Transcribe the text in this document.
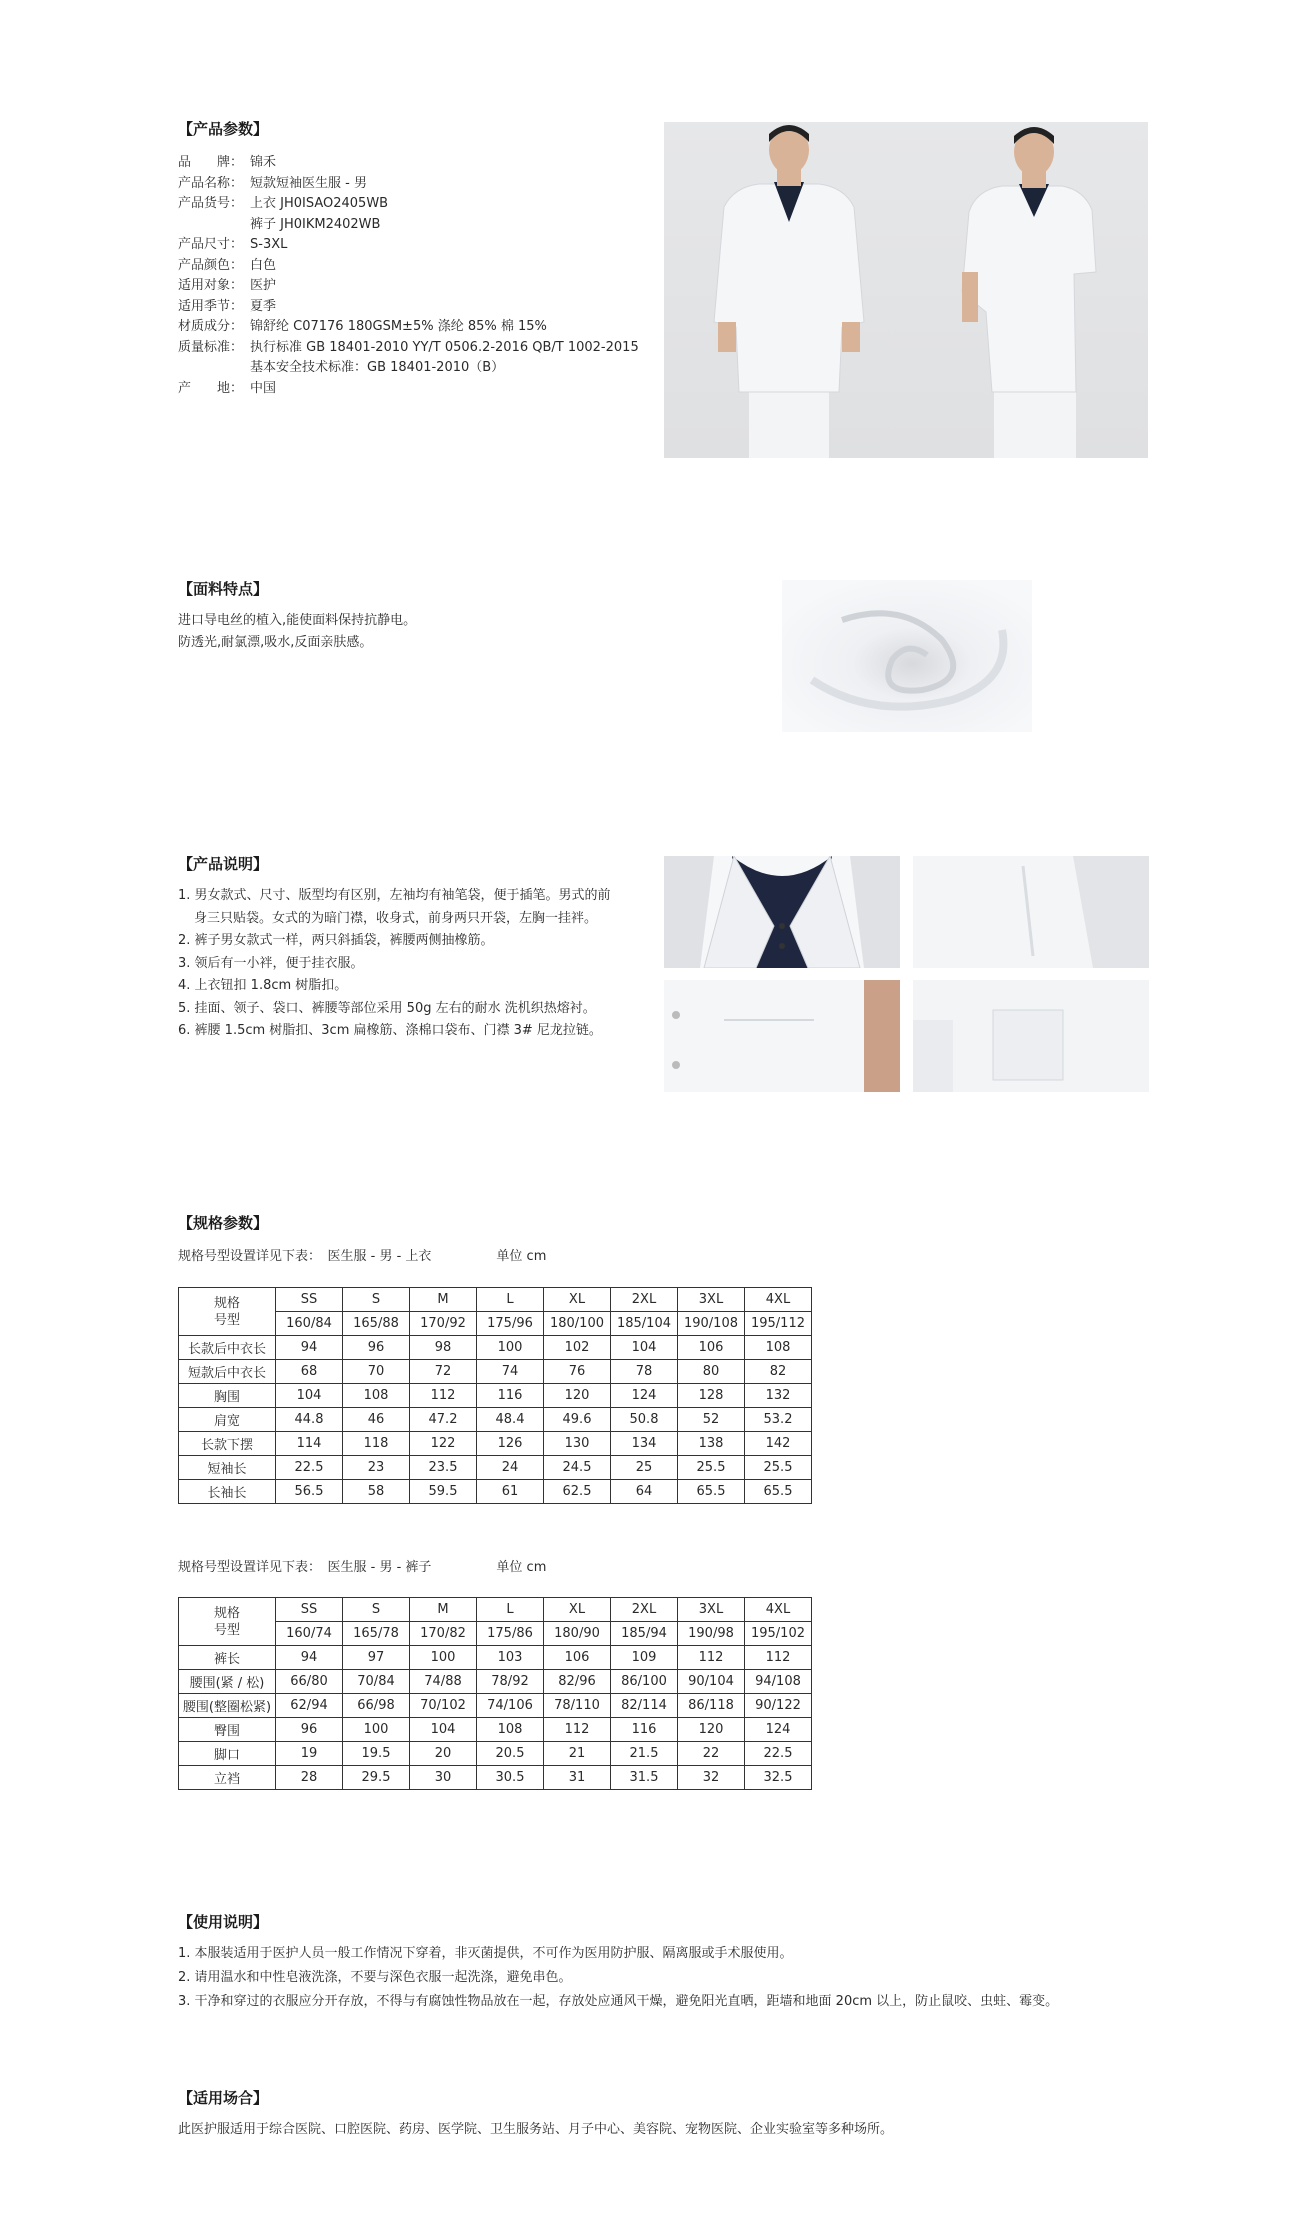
【产品参数】
品　　牌： 锦禾
产品名称： 短款短袖医生服 - 男
产品货号： 上衣 JH0ISAO2405WB
裤子 JH0IKM2402WB
产品尺寸： S-3XL
产品颜色： 白色
适用对象： 医护
适用季节： 夏季
材质成分： 锦舒纶 C07176 180GSM±5% 涤纶 85% 棉 15%
质量标准： 执行标准 GB 18401-2010 YY/T 0506.2-2016 QB/T 1002-2015
基本安全技术标准：GB 18401-2010（B）
产　　地： 中国
【面料特点】
进口导电丝的植入,能使面料保持抗静电。
防透光,耐氯漂,吸水,反面亲肤感。
【产品说明】
1. 男女款式、尺寸、版型均有区别，左袖均有袖笔袋，便于插笔。男式的前
身三只贴袋。女式的为暗门襟，收身式，前身两只开袋，左胸一挂袢。
2. 裤子男女款式一样，两只斜插袋，裤腰两侧抽橡筋。
3. 领后有一小袢，便于挂衣服。
4. 上衣钮扣 1.8cm 树脂扣。
5. 挂面、领子、袋口、裤腰等部位采用 50g 左右的耐水 洗机织热熔衬。
6. 裤腰 1.5cm 树脂扣、3cm 扁橡筋、涤棉口袋布、门襟 3# 尼龙拉链。
【规格参数】
规格号型设置详见下表：　医生服 - 男 - 上衣　　　　　单位 cm
规格
号型	SS	S	M	L	XL	2XL	3XL	4XL
	160/84	165/88	170/92	175/96	180/100	185/104	190/108	195/112
长款后中衣长	94	96	98	100	102	104	106	108
短款后中衣长	68	70	72	74	76	78	80	82
胸围	104	108	112	116	120	124	128	132
肩宽	44.8	46	47.2	48.4	49.6	50.8	52	53.2
长款下摆	114	118	122	126	130	134	138	142
短袖长	22.5	23	23.5	24	24.5	25	25.5	25.5
长袖长	56.5	58	59.5	61	62.5	64	65.5	65.5
规格号型设置详见下表：　医生服 - 男 - 裤子　　　　　单位 cm
规格
号型	SS	S	M	L	XL	2XL	3XL	4XL
	160/74	165/78	170/82	175/86	180/90	185/94	190/98	195/102
裤长	94	97	100	103	106	109	112	112
腰围(紧 / 松)	66/80	70/84	74/88	78/92	82/96	86/100	90/104	94/108
腰围(整圈松紧)	62/94	66/98	70/102	74/106	78/110	82/114	86/118	90/122
臀围	96	100	104	108	112	116	120	124
脚口	19	19.5	20	20.5	21	21.5	22	22.5
立裆	28	29.5	30	30.5	31	31.5	32	32.5
【使用说明】
1. 本服装适用于医护人员一般工作情况下穿着，非灭菌提供，不可作为医用防护服、隔离服或手术服使用。
2. 请用温水和中性皂液洗涤，不要与深色衣服一起洗涤，避免串色。
3. 干净和穿过的衣服应分开存放，不得与有腐蚀性物品放在一起，存放处应通风干燥，避免阳光直晒，距墙和地面 20cm 以上，防止鼠咬、虫蛀、霉变。
【适用场合】
此医护服适用于综合医院、口腔医院、药房、医学院、卫生服务站、月子中心、美容院、宠物医院、企业实验室等多种场所。
